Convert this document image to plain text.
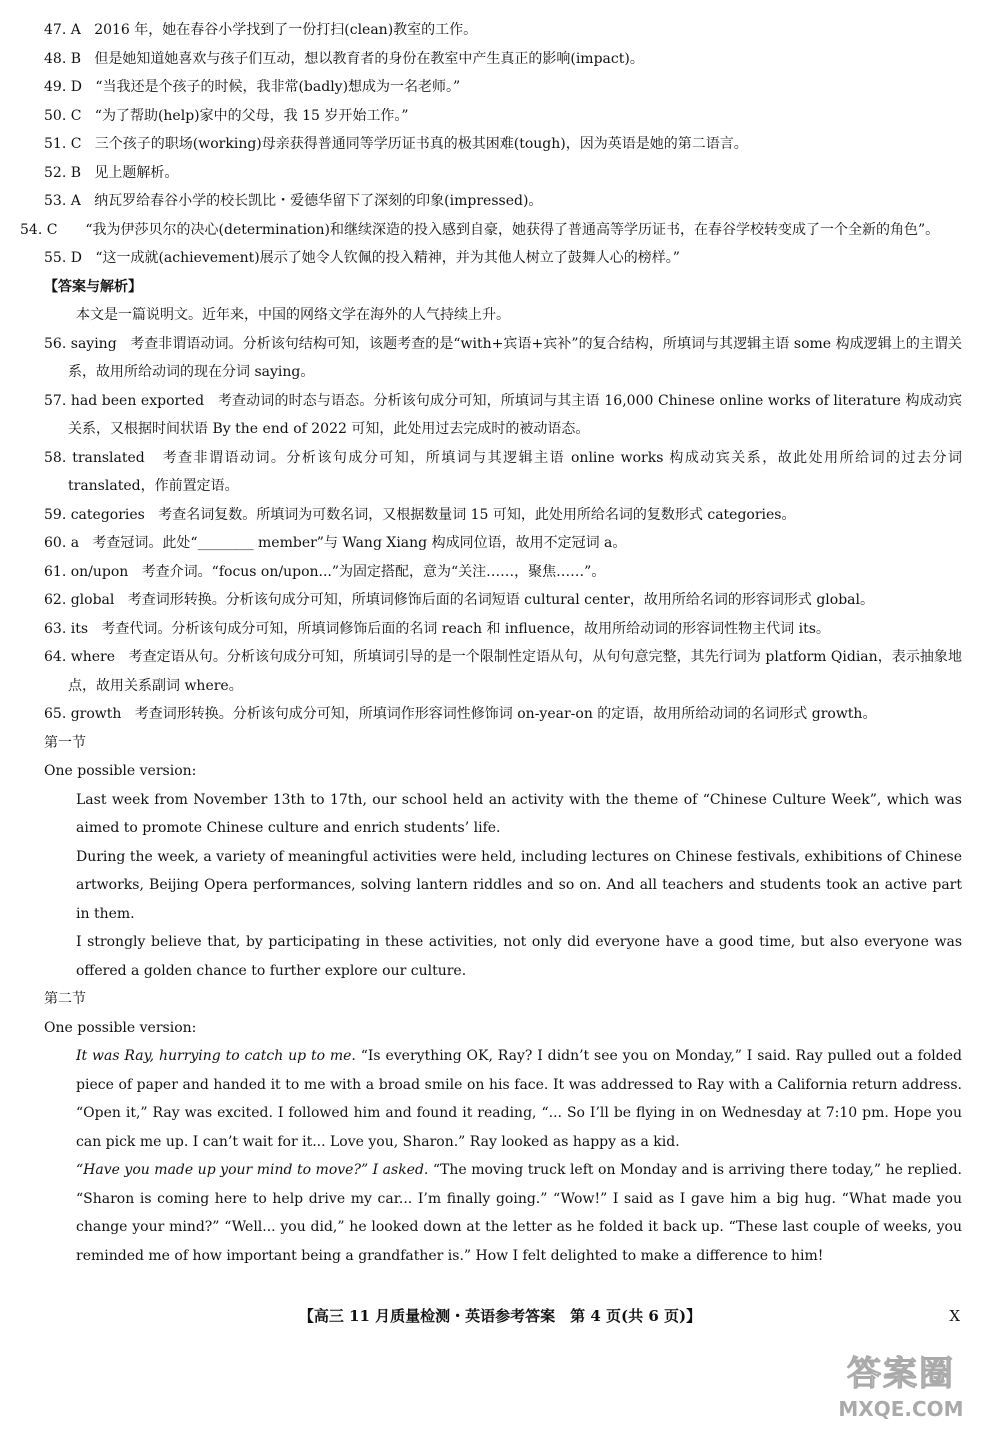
47. A 2016 年，她在春谷小学找到了一份打扫(clean)教室的工作。
48. B 但是她知道她喜欢与孩子们互动，想以教育者的身份在教室中产生真正的影响(impact)。
49. D “当我还是个孩子的时候，我非常(badly)想成为一名老师。”
50. C “为了帮助(help)家中的父母，我 15 岁开始工作。”
51. C 三个孩子的职场(working)母亲获得普通同等学历证书真的极其困难(tough)，因为英语是她的第二语言。
52. B 见上题解析。
53. A 纳瓦罗给春谷小学的校长凯比・爱德华留下了深刻的印象(impressed)。
54. C “我为伊莎贝尔的决心(determination)和继续深造的投入感到自豪，她获得了普通高等学历证书，在春谷学校转变成了一个全新的角色”。
55. D “这一成就(achievement)展示了她令人钦佩的投入精神，并为其他人树立了鼓舞人心的榜样。”
【答案与解析】
本文是一篇说明文。近年来，中国的网络文学在海外的人气持续上升。
56. saying 考查非谓语动词。分析该句结构可知，该题考查的是“with+宾语+宾补”的复合结构，所填词与其逻辑主语 some 构成逻辑上的主谓关系，故用所给动词的现在分词 saying。
57. had been exported 考查动词的时态与语态。分析该句成分可知，所填词与其主语 16,000 Chinese online works of literature 构成动宾关系，又根据时间状语 By the end of 2022 可知，此处用过去完成时的被动语态。
58. translated 考查非谓语动词。分析该句成分可知，所填词与其逻辑主语 online works 构成动宾关系，故此处用所给词的过去分词 translated，作前置定语。
59. categories 考查名词复数。所填词为可数名词，又根据数量词 15 可知，此处用所给名词的复数形式 categories。
60. a 考查冠词。此处“________ member”与 Wang Xiang 构成同位语，故用不定冠词 a。
61. on/upon 考查介词。“focus on/upon...”为固定搭配，意为“关注……，聚焦……”。
62. global 考查词形转换。分析该句成分可知，所填词修饰后面的名词短语 cultural center，故用所给名词的形容词形式 global。
63. its 考查代词。分析该句成分可知，所填词修饰后面的名词 reach 和 influence，故用所给动词的形容词性物主代词 its。
64. where 考查定语从句。分析该句成分可知，所填词引导的是一个限制性定语从句，从句句意完整，其先行词为 platform Qidian，表示抽象地点，故用关系副词 where。
65. growth 考查词形转换。分析该句成分可知，所填词作形容词性修饰词 on-year-on 的定语，故用所给动词的名词形式 growth。
第一节
One possible version:
Last week from November 13th to 17th, our school held an activity with the theme of “Chinese Culture Week”, which was aimed to promote Chinese culture and enrich students’ life.
During the week, a variety of meaningful activities were held, including lectures on Chinese festivals, exhibitions of Chinese artworks, Beijing Opera performances, solving lantern riddles and so on. And all teachers and students took an active part in them.
I strongly believe that, by participating in these activities, not only did everyone have a good time, but also everyone was offered a golden chance to further explore our culture.
第二节
One possible version:
It was Ray, hurrying to catch up to me. “Is everything OK, Ray? I didn’t see you on Monday,” I said. Ray pulled out a folded piece of paper and handed it to me with a broad smile on his face. It was addressed to Ray with a California return address. “Open it,” Ray was excited. I followed him and found it reading, “... So I’ll be flying in on Wednesday at 7:10 pm. Hope you can pick me up. I can’t wait for it... Love you, Sharon.” Ray looked as happy as a kid.
“Have you made up your mind to move?” I asked. “The moving truck left on Monday and is arriving there today,” he replied. “Sharon is coming here to help drive my car... I’m finally going.” “Wow!” I said as I gave him a big hug. “What made you change your mind?” “Well... you did,” he looked down at the letter as he folded it back up. “These last couple of weeks, you reminded me of how important being a grandfather is.” How I felt delighted to make a difference to him!
【高三 11 月质量检测・英语参考答案　第 4 页(共 6 页)】	X
答案圈
MXQE.COM
